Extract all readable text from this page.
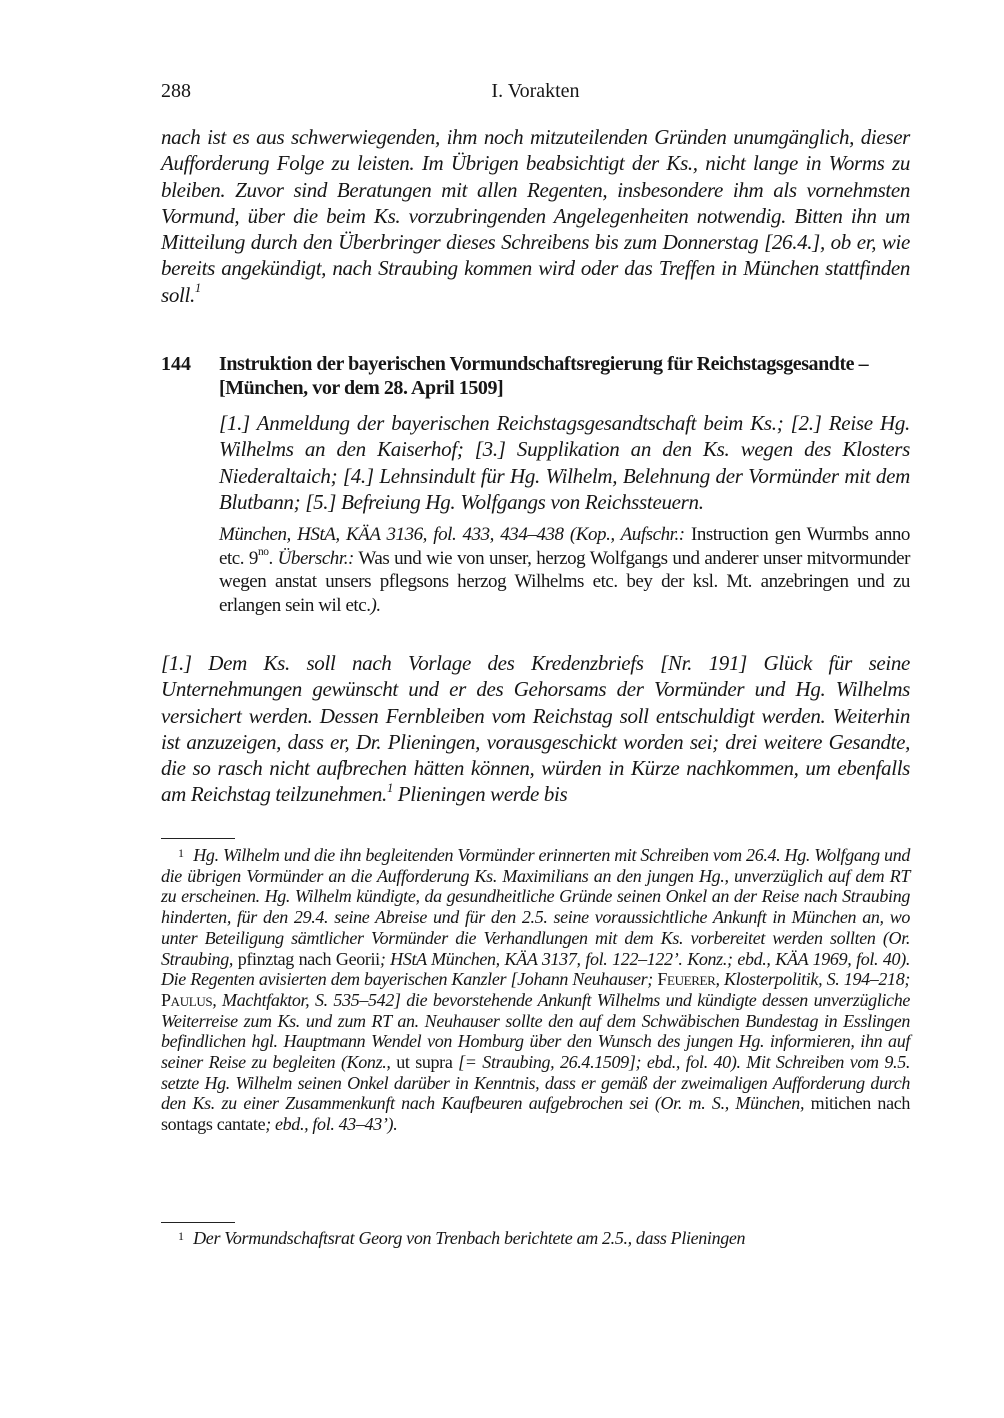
288	I. Vorakten
nach ist es aus schwerwiegenden, ihm noch mitzuteilenden Gründen unumgänglich, dieser Aufforderung Folge zu leisten. Im Übrigen beabsichtigt der Ks., nicht lange in Worms zu bleiben. Zuvor sind Beratungen mit allen Regenten, insbesondere ihm als vornehmsten Vormund, über die beim Ks. vorzubringenden Angelegenheiten notwendig. Bitten ihn um Mitteilung durch den Überbringer dieses Schreibens bis zum Donnerstag [26.4.], ob er, wie bereits angekündigt, nach Straubing kommen wird oder das Treffen in München stattfinden soll.$^1$
144 Instruktion der bayerischen Vormundschaftsregierung für Reichstagsgesandte – [München, vor dem 28. April 1509]
[1.] Anmeldung der bayerischen Reichstagsgesandtschaft beim Ks.; [2.] Reise Hg. Wilhelms an den Kaiserhof; [3.] Supplikation an den Ks. wegen des Klosters Niederaltaich; [4.] Lehnsindult für Hg. Wilhelm, Belehnung der Vormünder mit dem Blutbann; [5.] Befreiung Hg. Wolfgangs von Reichssteuern.
München, HStA, KÄA 3136, fol. 433, 434–438 (Kop., Aufschr.: Instruction gen Wurmbs anno etc. $9^{no}$. Überschr.: Was und wie von unser, herzog Wolfgangs und anderer unser mitvormunder wegen anstat unsers pflegsons herzog Wilhelms etc. bey der ksl. Mt. anzebringen und zu erlangen sein wil etc.).
[1.] Dem Ks. soll nach Vorlage des Kredenzbriefs [Nr. 191] Glück für seine Unternehmungen gewünscht und er des Gehorsams der Vormünder und Hg. Wilhelms versichert werden. Dessen Fernbleiben vom Reichstag soll entschuldigt werden. Weiterhin ist anzuzeigen, dass er, Dr. Plieningen, vorausgeschickt worden sei; drei weitere Gesandte, die so rasch nicht aufbrechen hätten können, würden in Kürze nachkommen, um ebenfalls am Reichstag teilzunehmen.$^1$ Plieningen werde bis
1 Hg. Wilhelm und die ihn begleitenden Vormünder erinnerten mit Schreiben vom 26.4. Hg. Wolfgang und die übrigen Vormünder an die Aufforderung Ks. Maximilians an den jungen Hg., unverzüglich auf dem RT zu erscheinen. Hg. Wilhelm kündigte, da gesundheitliche Gründe seinen Onkel an der Reise nach Straubing hinderten, für den 29.4. seine Abreise und für den 2.5. seine voraussichtliche Ankunft in München an, wo unter Beteiligung sämtlicher Vormünder die Verhandlungen mit dem Ks. vorbereitet werden sollten (Or. Straubing, pfinztag nach Georii; HStA München, KÄA 3137, fol. 122–122’. Konz.; ebd., KÄA 1969, fol. 40). Die Regenten avisierten dem bayerischen Kanzler [Johann Neuhauser; Feuerer, Klosterpolitik, S. 194–218; Paulus, Machtfaktor, S. 535–542] die bevorstehende Ankunft Wilhelms und kündigte dessen unverzügliche Weiterreise zum Ks. und zum RT an. Neuhauser sollte den auf dem Schwäbischen Bundestag in Esslingen befindlichen hgl. Hauptmann Wendel von Homburg über den Wunsch des jungen Hg. informieren, ihn auf seiner Reise zu begleiten (Konz., ut supra [= Straubing, 26.4.1509]; ebd., fol. 40). Mit Schreiben vom 9.5. setzte Hg. Wilhelm seinen Onkel darüber in Kenntnis, dass er gemäß der zweimaligen Aufforderung durch den Ks. zu einer Zusammenkunft nach Kaufbeuren aufgebrochen sei (Or. m. S., München, mitichen nach sontags cantate; ebd., fol. 43–43’).
1 Der Vormundschaftsrat Georg von Trenbach berichtete am 2.5., dass Plieningen
